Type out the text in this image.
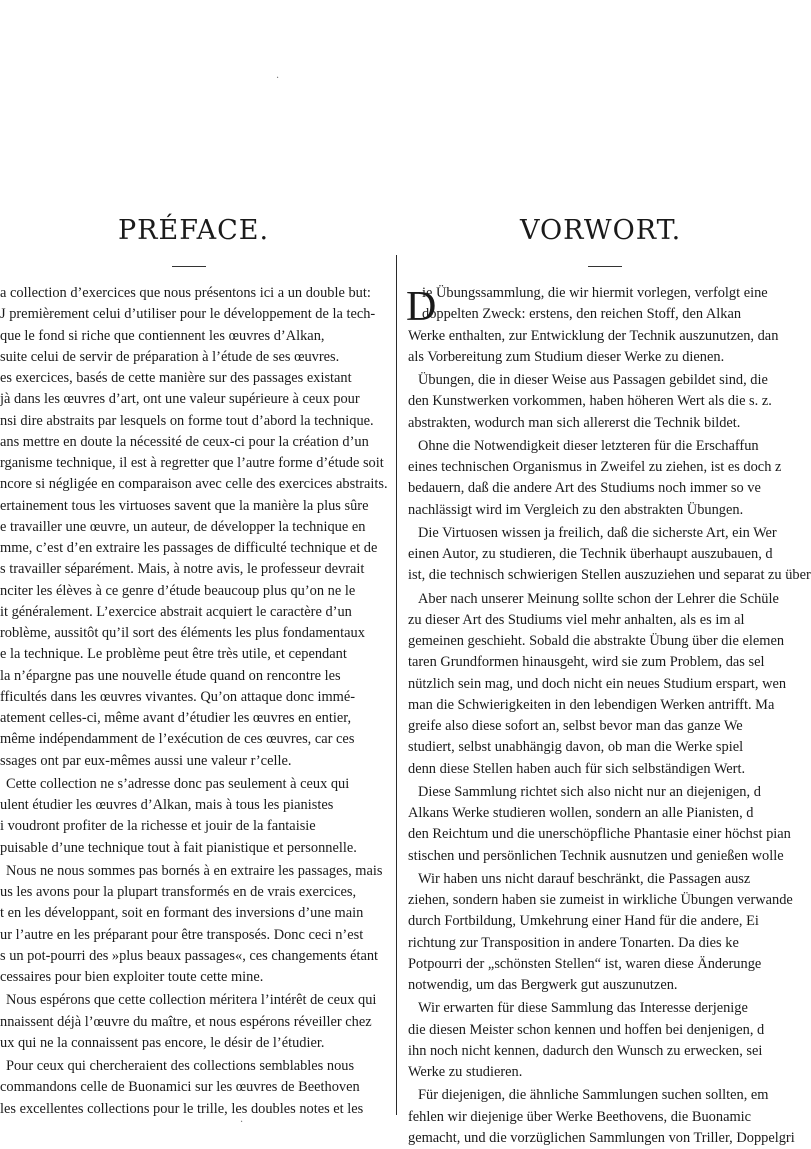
·
PRÉFACE.
a collection d’exercices que nous présentons ici a un double but:
J premièrement celui d’utiliser pour le développement de la tech-
que le fond si riche que contiennent les œuvres d’Alkan,
suite celui de servir de préparation à l’étude de ses œuvres.
es exercices, basés de cette manière sur des passages existant
jà dans les œuvres d’art, ont une valeur supérieure à ceux pour
nsi dire abstraits par lesquels on forme tout d’abord la technique.
ans mettre en doute la nécessité de ceux-ci pour la création d’un
rganisme technique, il est à regretter que l’autre forme d’étude soit
ncore si négligée en comparaison avec celle des exercices abstraits.
ertainement tous les virtuoses savent que la manière la plus sûre
e travailler une œuvre, un auteur, de développer la technique en
mme, c’est d’en extraire les passages de difficulté technique et de
s travailler séparément. Mais, à notre avis, le professeur devrait
nciter les élèves à ce genre d’étude beaucoup plus qu’on ne le
it généralement. L’exercice abstrait acquiert le caractère d’un
roblème, aussitôt qu’il sort des éléments les plus fondamentaux
e la technique. Le problème peut être très utile, et cependant
la n’épargne pas une nouvelle étude quand on rencontre les
fficultés dans les œuvres vivantes. Qu’on attaque donc immé-
atement celles-ci, même avant d’étudier les œuvres en entier,
même indépendamment de l’exécution de ces œuvres, car ces
ssages ont par eux-mêmes aussi une valeur r’celle.
Cette collection ne s’adresse donc pas seulement à ceux qui
ulent étudier les œuvres d’Alkan, mais à tous les pianistes
i voudront profiter de la richesse et jouir de la fantaisie
puisable d’une technique tout à fait pianistique et personnelle.
Nous ne nous sommes pas bornés à en extraire les passages, mais
us les avons pour la plupart transformés en de vrais exercices,
t en les développant, soit en formant des inversions d’une main
ur l’autre en les préparant pour être transposés. Donc ceci n’est
s un pot-pourri des »plus beaux passages«, ces changements étant
cessaires pour bien exploiter toute cette mine.
Nous espérons que cette collection méritera l’intérêt de ceux qui
nnaissent déjà l’œuvre du maître, et nous espérons réveiller chez
ux qui ne la connaissent pas encore, le désir de l’étudier.
Pour ceux qui chercheraient des collections semblables nous
commandons celle de Buonamici sur les œuvres de Beethoven
les excellentes collections pour le trille, les doubles notes et les
VORWORT.
D
ie Übungssammlung, die wir hiermit vorlegen, verfolgt eine
doppelten Zweck: erstens, den reichen Stoff, den Alkan
Werke enthalten, zur Entwicklung der Technik auszunutzen, dan
als Vorbereitung zum Studium dieser Werke zu dienen.
Übungen, die in dieser Weise aus Passagen gebildet sind, die
den Kunstwerken vorkommen, haben höheren Wert als die s. z.
abstrakten, wodurch man sich allererst die Technik bildet.
Ohne die Notwendigkeit dieser letzteren für die Erschaffun
eines technischen Organismus in Zweifel zu ziehen, ist es doch z
bedauern, daß die andere Art des Studiums noch immer so ve
nachlässigt wird im Vergleich zu den abstrakten Übungen.
Die Virtuosen wissen ja freilich, daß die sicherste Art, ein Wer
einen Autor, zu studieren, die Technik überhaupt auszubauen, d
ist, die technisch schwierigen Stellen auszuziehen und separat zu über
Aber nach unserer Meinung sollte schon der Lehrer die Schüle
zu dieser Art des Studiums viel mehr anhalten, als es im al
gemeinen geschieht. Sobald die abstrakte Übung über die elemen
taren Grundformen hinausgeht, wird sie zum Problem, das sel
nützlich sein mag, und doch nicht ein neues Studium erspart, wen
man die Schwierigkeiten in den lebendigen Werken antrifft. Ma
greife also diese sofort an, selbst bevor man das ganze We
studiert, selbst unabhängig davon, ob man die Werke spiel
denn diese Stellen haben auch für sich selbständigen Wert.
Diese Sammlung richtet sich also nicht nur an diejenigen, d
Alkans Werke studieren wollen, sondern an alle Pianisten, d
den Reichtum und die unerschöpfliche Phantasie einer höchst pian
stischen und persönlichen Technik ausnutzen und genießen wolle
Wir haben uns nicht darauf beschränkt, die Passagen ausz
ziehen, sondern haben sie zumeist in wirkliche Übungen verwande
durch Fortbildung, Umkehrung einer Hand für die andere, Ei
richtung zur Transposition in andere Tonarten. Da dies ke
Potpourri der „schönsten Stellen“ ist, waren diese Änderunge
notwendig, um das Bergwerk gut auszunutzen.
Wir erwarten für diese Sammlung das Interesse derjenige
die diesen Meister schon kennen und hoffen bei denjenigen, d
ihn noch nicht kennen, dadurch den Wunsch zu erwecken, sei
Werke zu studieren.
Für diejenigen, die ähnliche Sammlungen suchen sollten, em
fehlen wir diejenige über Werke Beethovens, die Buonamic
gemacht, und die vorzüglichen Sammlungen von Triller, Doppelgri
·
